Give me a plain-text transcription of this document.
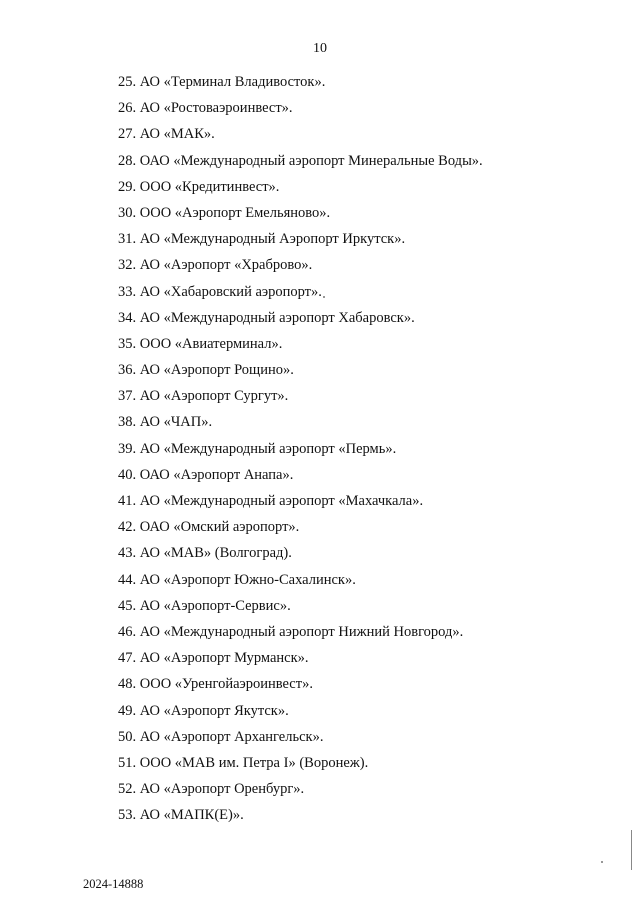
10
25. АО «Терминал Владивосток».
26. АО «Ростоваэроинвест».
27. АО «МАК».
28. ОАО «Международный аэропорт Минеральные Воды».
29. ООО «Кредитинвест».
30. ООО «Аэропорт Емельяново».
31. АО «Международный Аэропорт Иркутск».
32. АО «Аэропорт «Храброво».
33. АО «Хабаровский аэропорт».
34. АО «Международный аэропорт Хабаровск».
35. ООО «Авиатерминал».
36. АО «Аэропорт Рощино».
37. АО «Аэропорт Сургут».
38. АО «ЧАП».
39. АО «Международный аэропорт «Пермь».
40. ОАО «Аэропорт Анапа».
41. АО «Международный аэропорт «Махачкала».
42. ОАО «Омский аэропорт».
43. АО «МАВ» (Волгоград).
44. АО «Аэропорт Южно-Сахалинск».
45. АО «Аэропорт-Сервис».
46. АО «Международный аэропорт Нижний Новгород».
47. АО «Аэропорт Мурманск».
48. ООО «Уренгойаэроинвест».
49. АО «Аэропорт Якутск».
50. АО «Аэропорт Архангельск».
51. ООО «МАВ им. Петра I» (Воронеж).
52. АО «Аэропорт Оренбург».
53. АО «МАПК(Е)».
2024-14888
